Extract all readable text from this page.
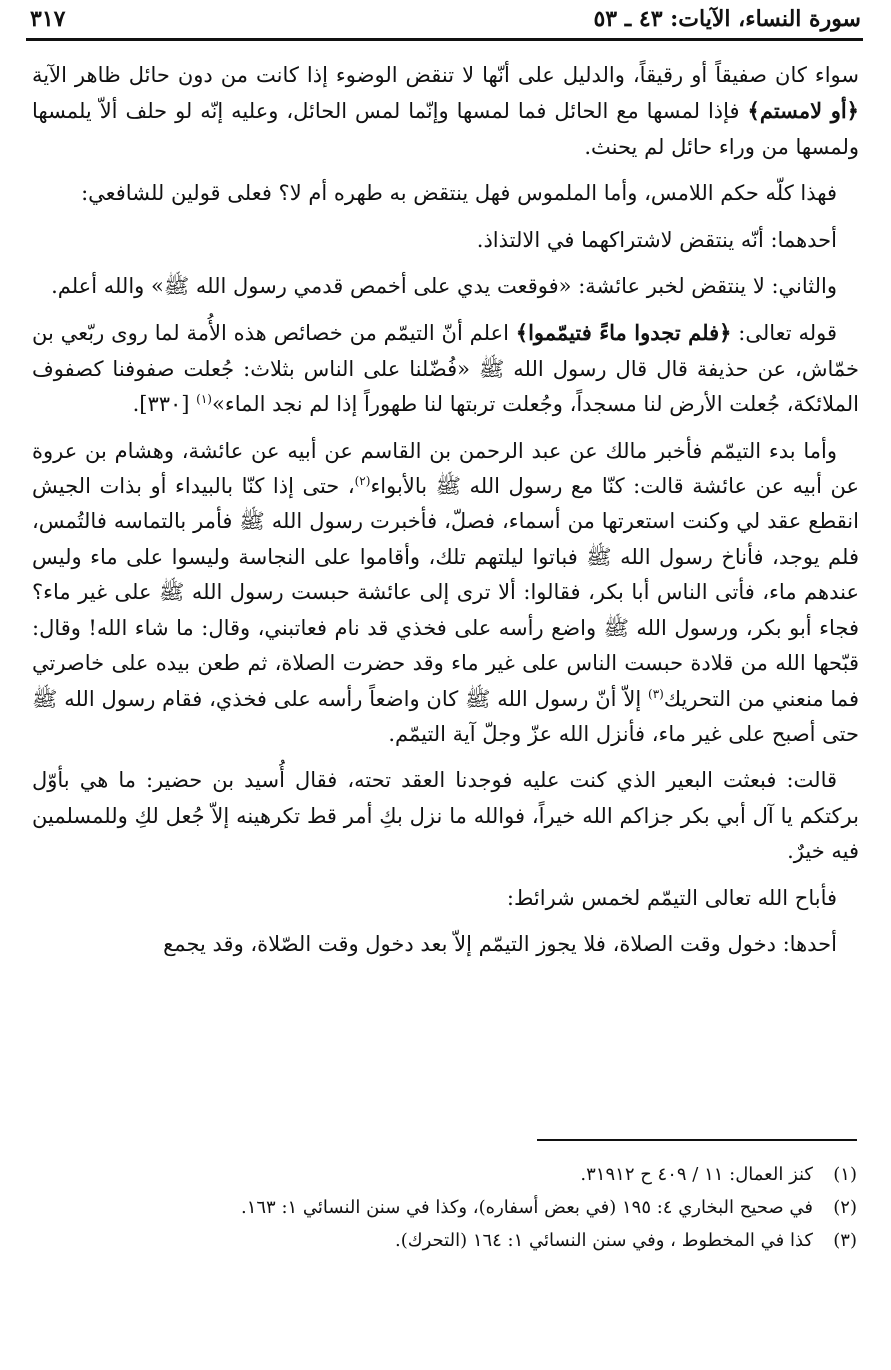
سورة النساء، الآيات: ٤٣ ـ ٥٣
٣١٧

سواء كان صفيقاً أو رقيقاً، والدليل على أنّها لا تنقض الوضوء إذا كانت من دون حائل ظاهر الآية ﴿أو لامستم﴾ فإذا لمسها مع الحائل فما لمسها وإنّما لمس الحائل، وعليه إنّه لو حلف ألاّ يلمسها ولمسها من وراء حائل لم يحنث.

فهذا كلّه حكم اللامس، وأما الملموس فهل ينتقض به طهره أم لا؟ فعلى قولين للشافعي:

أحدهما: أنّه ينتقض لاشتراكهما في الالتذاذ.

والثاني: لا ينتقض لخبر عائشة: «فوقعت يدي على أخمص قدمي رسول الله ﷺ» والله أعلم.

قوله تعالى: ﴿فلم تجدوا ماءً فتيمّموا﴾ اعلم أنّ التيمّم من خصائص هذه الأُمة لما روى ربّعي بن خمّاش، عن حذيفة قال قال رسول الله ﷺ «فُضّلنا على الناس بثلاث: جُعلت صفوفنا كصفوف الملائكة، جُعلت الأرض لنا مسجداً، وجُعلت تربتها لنا طهوراً إذا لم نجد الماء»$^{(١)}$ [٣٣٠].

وأما بدء التيمّم فأخبر مالك عن عبد الرحمن بن القاسم عن أبيه عن عائشة، وهشام بن عروة عن أبيه عن عائشة قالت: كنّا مع رسول الله ﷺ بالأبواء$^{(٢)}$، حتى إذا كنّا بالبيداء أو بذات الجيش انقطع عقد لي وكنت استعرتها من أسماء، فصلّ، فأخبرت رسول الله ﷺ فأمر بالتماسه فالتُمس، فلم يوجد، فأناخ رسول الله ﷺ فباتوا ليلتهم تلك، وأقاموا على النجاسة وليسوا على ماء وليس عندهم ماء، فأتى الناس أبا بكر، فقالوا: ألا ترى إلى عائشة حبست رسول الله ﷺ على غير ماء؟ فجاء أبو بكر، ورسول الله ﷺ واضع رأسه على فخذي قد نام فعاتبني، وقال: ما شاء الله! وقال: قبّحها الله من قلادة حبست الناس على غير ماء وقد حضرت الصلاة، ثم طعن بيده على خاصرتي فما منعني من التحريك$^{(٣)}$ إلاّ أنّ رسول الله ﷺ كان واضعاً رأسه على فخذي، فقام رسول الله ﷺ حتى أصبح على غير ماء، فأنزل الله عزّ وجلّ آية التيمّم.

قالت: فبعثت البعير الذي كنت عليه فوجدنا العقد تحته، فقال أُسيد بن حضير: ما هي بأوّل بركتكم يا آل أبي بكر جزاكم الله خيراً، فوالله ما نزل بكِ أمر قط تكرهينه إلاّ جُعل لكِ وللمسلمين فيه خيرٌ.

فأباح الله تعالى التيمّم لخمس شرائط:

أحدها: دخول وقت الصلاة، فلا يجوز التيمّم إلاّ بعد دخول وقت الصّلاة، وقد يجمع

(١)
كنز العمال: ١١ / ٤٠٩ ح ٣١٩١٢.
(٢)
في صحيح البخاري ٤: ١٩٥ (في بعض أسفاره)، وكذا في سنن النسائي ١: ١٦٣.
(٣)
كذا في المخطوط ، وفي سنن النسائي ١: ١٦٤ (التحرك).
